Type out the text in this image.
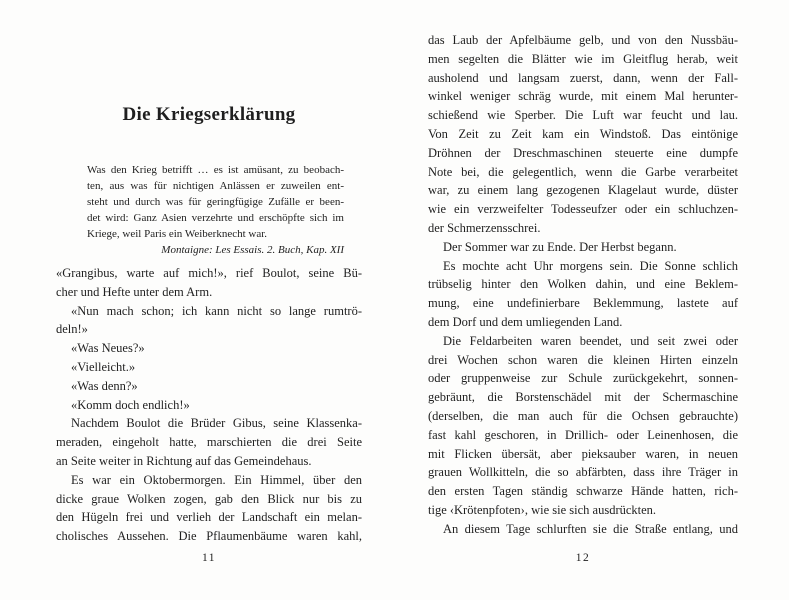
Die Kriegserklärung
Was den Krieg betrifft … es ist amüsant, zu beobach-
ten, aus was für nichtigen Anlässen er zuweilen ent-
steht und durch was für geringfügige Zufälle er been-
det wird: Ganz Asien verzehrte und erschöpfte sich im
Kriege, weil Paris ein Weiberknecht war.
Montaigne: Les Essais. 2. Buch, Kap. XII
«Grangibus, warte auf mich!», rief Boulot, seine Bü-
cher und Hefte unter dem Arm.
«Nun mach schon; ich kann nicht so lange rumtrö-
deln!»
«Was Neues?»
«Vielleicht.»
«Was denn?»
«Komm doch endlich!»
Nachdem Boulot die Brüder Gibus, seine Klassenka-
meraden, eingeholt hatte, marschierten die drei Seite
an Seite weiter in Richtung auf das Gemeindehaus.
Es war ein Oktobermorgen. Ein Himmel, über den
dicke graue Wolken zogen, gab den Blick nur bis zu
den Hügeln frei und verlieh der Landschaft ein melan-
cholisches Aussehen. Die Pflaumenbäume waren kahl,
11
das Laub der Apfelbäume gelb, und von den Nussbäu-
men segelten die Blätter wie im Gleitflug herab, weit
ausholend und langsam zuerst, dann, wenn der Fall-
winkel weniger schräg wurde, mit einem Mal herunter-
schießend wie Sperber. Die Luft war feucht und lau.
Von Zeit zu Zeit kam ein Windstoß. Das eintönige
Dröhnen der Dreschmaschinen steuerte eine dumpfe
Note bei, die gelegentlich, wenn die Garbe verarbeitet
war, zu einem lang gezogenen Klagelaut wurde, düster
wie ein verzweifelter Todesseufzer oder ein schluchzen-
der Schmerzensschrei.
Der Sommer war zu Ende. Der Herbst begann.
Es mochte acht Uhr morgens sein. Die Sonne schlich
trübselig hinter den Wolken dahin, und eine Beklem-
mung, eine undefinierbare Beklemmung, lastete auf
dem Dorf und dem umliegenden Land.
Die Feldarbeiten waren beendet, und seit zwei oder
drei Wochen schon waren die kleinen Hirten einzeln
oder gruppenweise zur Schule zurückgekehrt, sonnen-
gebräunt, die Borstenschädel mit der Schermaschine
(derselben, die man auch für die Ochsen gebrauchte)
fast kahl geschoren, in Drillich- oder Leinenhosen, die
mit Flicken übersät, aber pieksauber waren, in neuen
grauen Wollkitteln, die so abfärbten, dass ihre Träger in
den ersten Tagen ständig schwarze Hände hatten, rich-
tige ‹Krötenpfoten›, wie sie sich ausdrückten.
An diesem Tage schlurften sie die Straße entlang, und
12
